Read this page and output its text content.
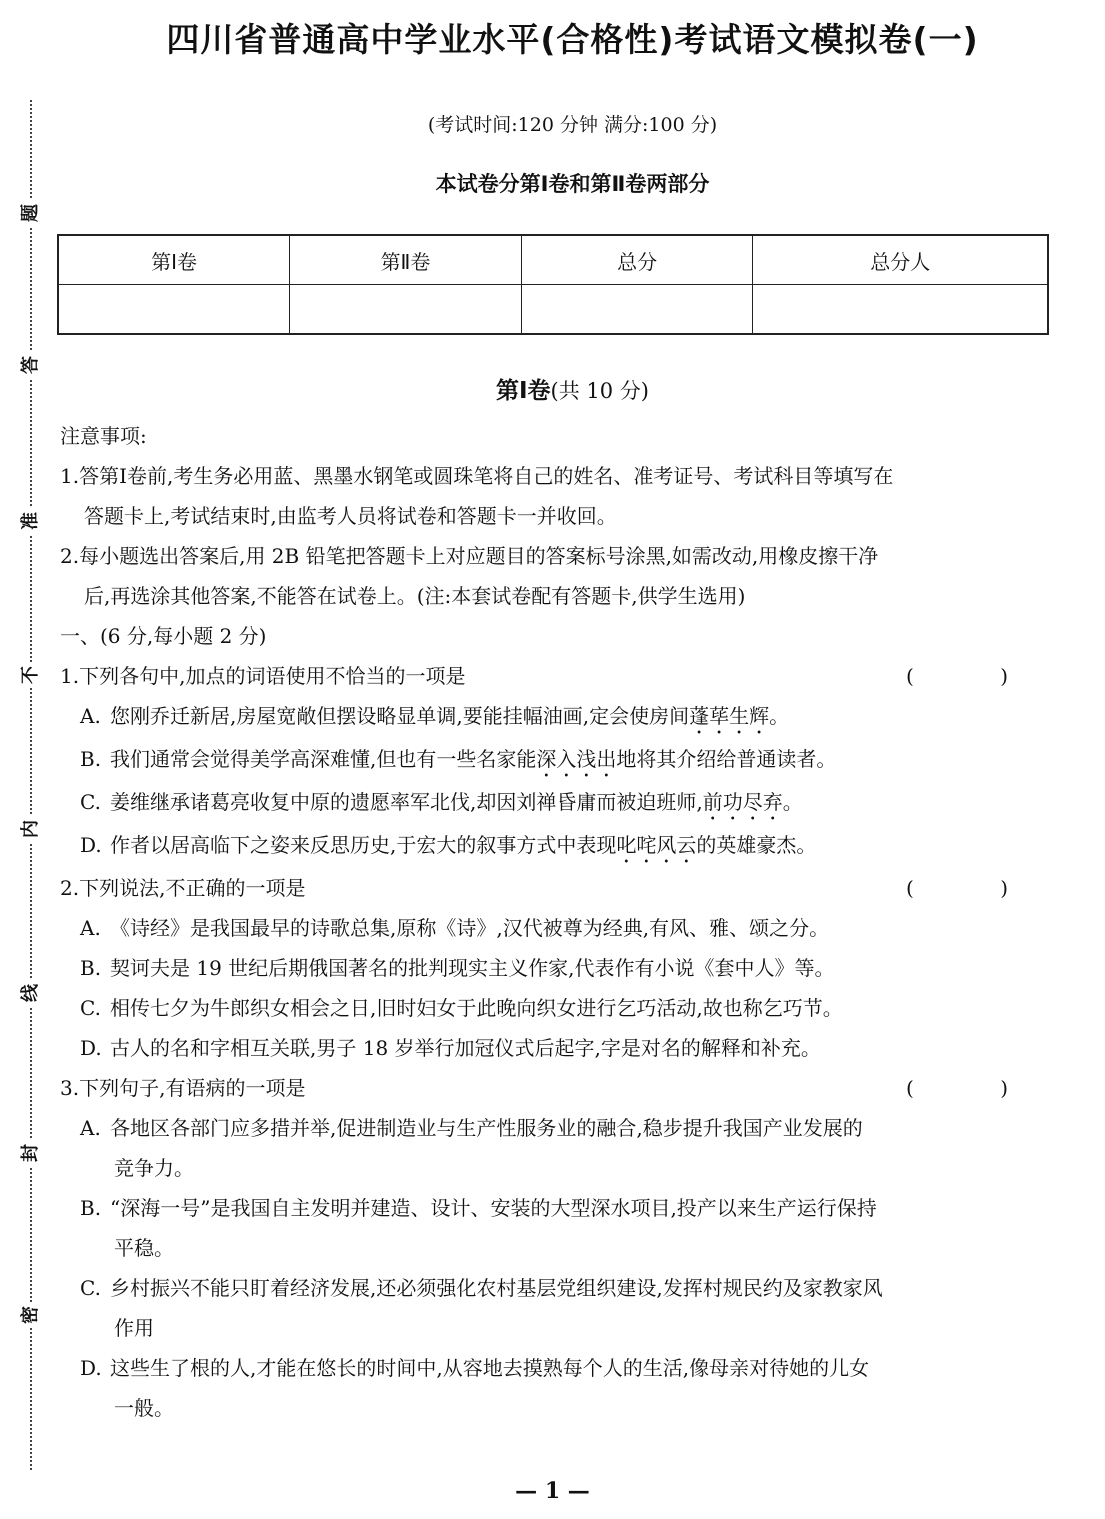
题
答
准
不
内
线
封
密
四川省普通高中学业水平(合格性)考试语文模拟卷(一)
(考试时间:120 分钟 满分:100 分)
本试卷分第Ⅰ卷和第Ⅱ卷两部分
第Ⅰ卷	第Ⅱ卷	总分	总分人

第Ⅰ卷(共 10 分)
注意事项:
1.答第Ⅰ卷前,考生务必用蓝、黑墨水钢笔或圆珠笔将自己的姓名、准考证号、考试科目等填写在
答题卡上,考试结束时,由监考人员将试卷和答题卡一并收回。
2.每小题选出答案后,用 2B 铅笔把答题卡上对应题目的答案标号涂黑,如需改动,用橡皮擦干净
后,再选涂其他答案,不能答在试卷上。(注:本套试卷配有答题卡,供学生选用)
一、(6 分,每小题 2 分)
1.下列各句中,加点的词语使用不恰当的一项是	( )
A. 您刚乔迁新居,房屋宽敞但摆设略显单调,要能挂幅油画,定会使房间蓬荜生辉。
B. 我们通常会觉得美学高深难懂,但也有一些名家能深入浅出地将其介绍给普通读者。
C. 姜维继承诸葛亮收复中原的遗愿率军北伐,却因刘禅昏庸而被迫班师,前功尽弃。
D. 作者以居高临下之姿来反思历史,于宏大的叙事方式中表现叱咤风云的英雄豪杰。
2.下列说法,不正确的一项是	( )
A. 《诗经》是我国最早的诗歌总集,原称《诗》,汉代被尊为经典,有风、雅、颂之分。
B. 契诃夫是 19 世纪后期俄国著名的批判现实主义作家,代表作有小说《套中人》等。
C. 相传七夕为牛郎织女相会之日,旧时妇女于此晚向织女进行乞巧活动,故也称乞巧节。
D. 古人的名和字相互关联,男子 18 岁举行加冠仪式后起字,字是对名的解释和补充。
3.下列句子,有语病的一项是	( )
A. 各地区各部门应多措并举,促进制造业与生产性服务业的融合,稳步提升我国产业发展的
竞争力。
B. “深海一号”是我国自主发明并建造、设计、安装的大型深水项目,投产以来生产运行保持
平稳。
C. 乡村振兴不能只盯着经济发展,还必须强化农村基层党组织建设,发挥村规民约及家教家风
作用
D. 这些生了根的人,才能在悠长的时间中,从容地去摸熟每个人的生活,像母亲对待她的儿女
一般。
— 1 —
